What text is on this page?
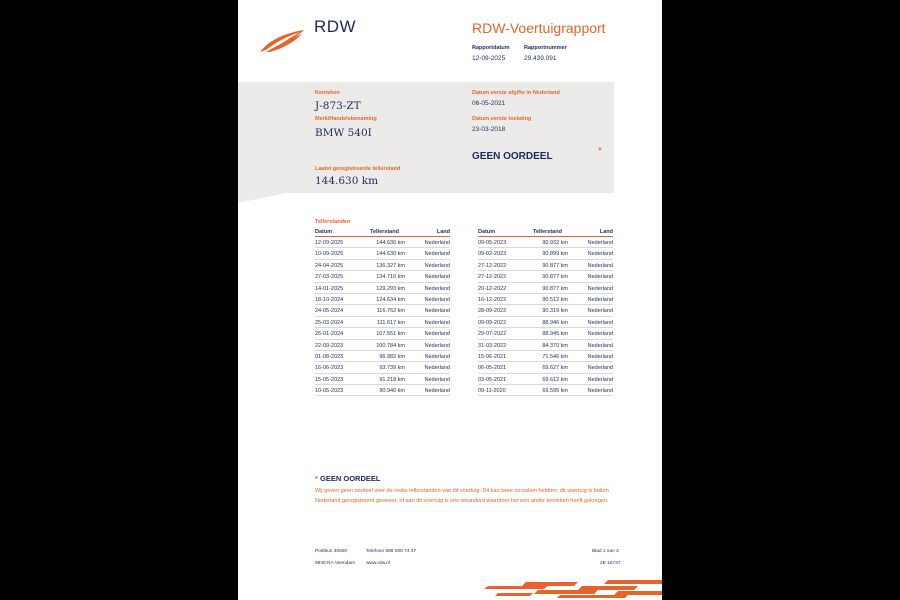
RDW	RDW-Voertuigrapport
Rapportdatum	Rapportnummer
12-09-2025	29.439.091
Kenteken
J-873-ZT
Merk/Handelsbenaming
BMW 540I
Laatst geregistreerde tellerstand
144.630 km
Datum eerste afgifte in Nederland
06-05-2021
Datum eerste toelating
23-03-2018
GEEN OORDEEL	*
Tellerstanden
Datum	Tellerstand	Land
12-09-2025	144.630 km	Nederland
10-09-2025	144.630 km	Nederland
24-04-2025	136.327 km	Nederland
27-03-2025	134.710 km	Nederland
14-01-2025	129.293 km	Nederland
18-10-2024	124.634 km	Nederland
24-05-2024	116.762 km	Nederland
25-03-2024	111.617 km	Nederland
26-01-2024	107.551 km	Nederland
22-09-2023	100.784 km	Nederland
01-08-2023	96.982 km	Nederland
16-06-2023	93.739 km	Nederland
15-05-2023	91.218 km	Nederland
10-05-2023	90.940 km	Nederland
Datum	Tellerstand	Land
09-05-2023	90.932 km	Nederland
09-02-2023	90.899 km	Nederland
27-12-2022	90.877 km	Nederland
27-12-2022	90.877 km	Nederland
20-12-2022	90.877 km	Nederland
16-12-2022	90.512 km	Nederland
28-09-2022	90.319 km	Nederland
09-09-2022	88.946 km	Nederland
29-07-2022	88.945 km	Nederland
31-03-2022	84.370 km	Nederland
15-06-2021	71.546 km	Nederland
06-05-2021	69.627 km	Nederland
03-05-2021	69.612 km	Nederland
09-11-2020	69.595 km	Nederland
* GEEN OORDEEL
Wij geven geen oordeel over de reeks tellerstanden van dit voertuig. Dit kan twee oorzaken hebben: dit voertuig is buiten Nederland geregistreerd geweest, of aan dit voertuig is iets veranderd waardoor het een ander kenteken heeft gekregen.
Postbus 30000
9640 RA Veendam
Telefoon 088 008 74 47
www.rdw.nl
Blad 1 van 3
2E 16737
